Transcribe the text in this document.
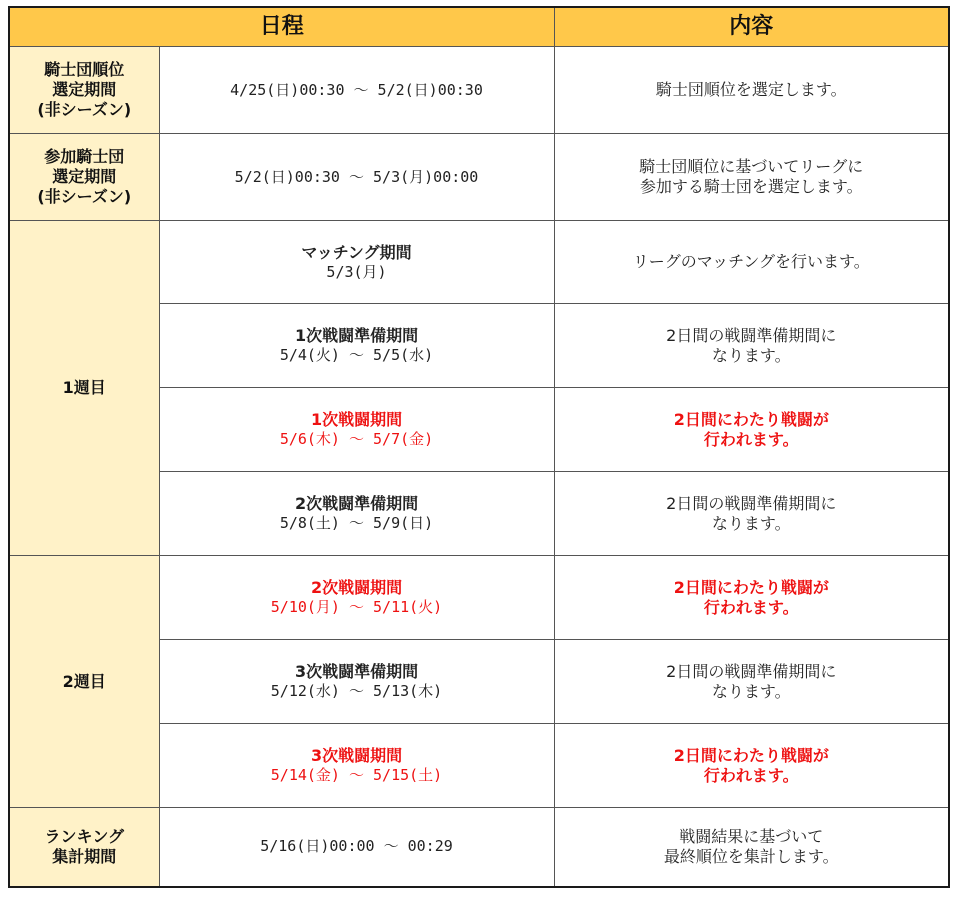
日程		内容

騎士団順位
選定期間
(非シーズン)	4/25(日)00:30 ～ 5/2(日)00:30	騎士団順位を選定します。

参加騎士団
選定期間
(非シーズン)	5/2(日)00:30 ～ 5/3(月)00:00	騎士団順位に基づいてリーグに
参加する騎士団を選定します。

1週目	マッチング期間
5/3(月)	リーグのマッチングを行います。

	1次戦闘準備期間
5/4(火) ～ 5/5(水)	2日間の戦闘準備期間に
なります。

	1次戦闘期間
5/6(木) ～ 5/7(金)	2日間にわたり戦闘が
行われます。

	2次戦闘準備期間
5/8(土) ～ 5/9(日)	2日間の戦闘準備期間に
なります。

2週目	2次戦闘期間
5/10(月) ～ 5/11(火)	2日間にわたり戦闘が
行われます。

	3次戦闘準備期間
5/12(水) ～ 5/13(木)	2日間の戦闘準備期間に
なります。

	3次戦闘期間
5/14(金) ～ 5/15(土)	2日間にわたり戦闘が
行われます。

ランキング
集計期間	5/16(日)00:00 ～ 00:29	戦闘結果に基づいて
最終順位を集計します。
